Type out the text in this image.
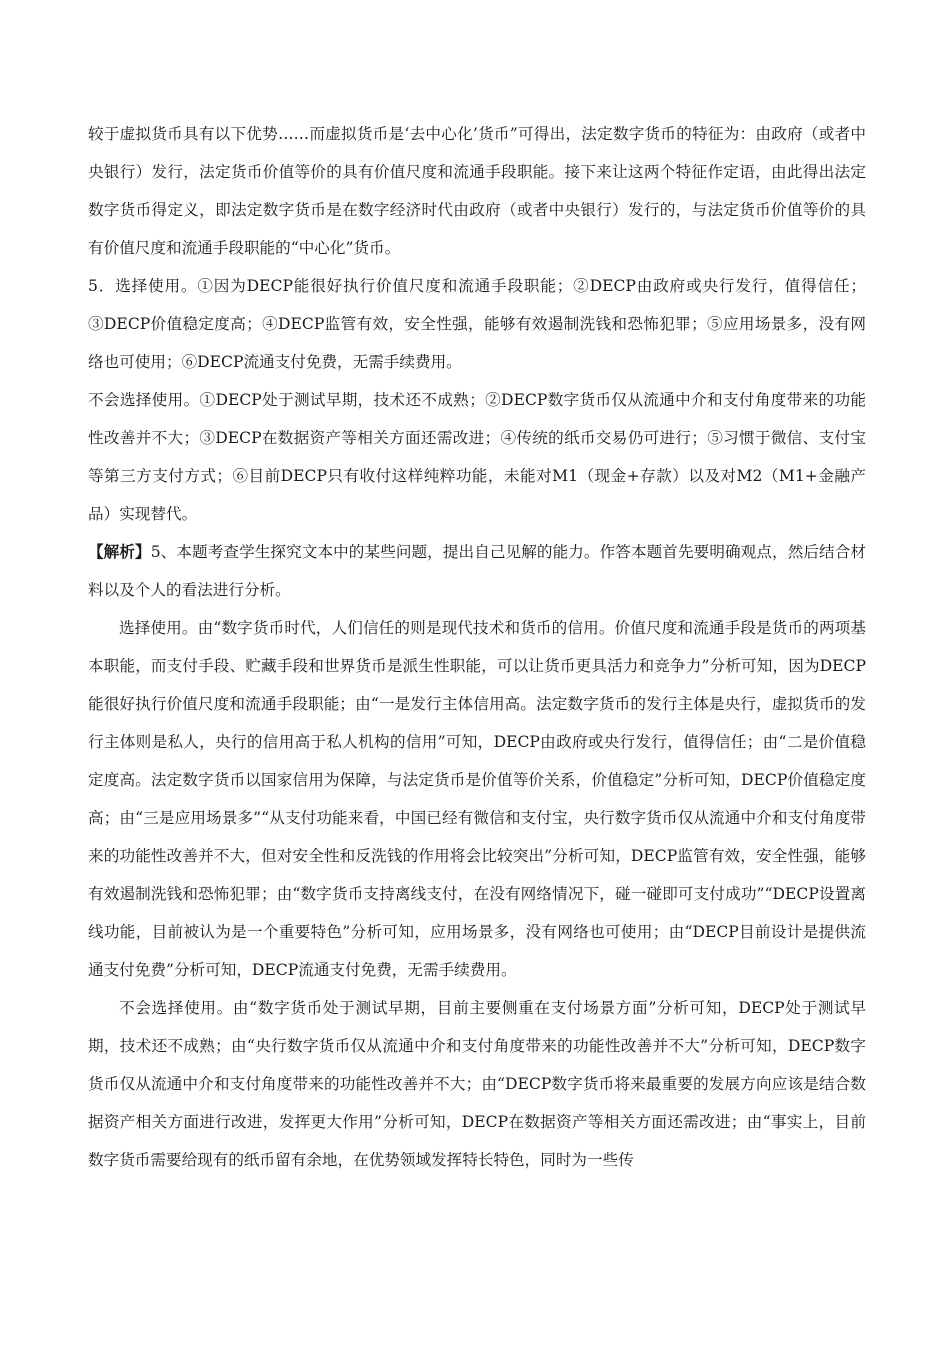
较于虚拟货币具有以下优势……而虚拟货币是‘去中心化’货币”可得出，法定数字货币的特征为：由政府（或者中央银行）发行，法定货币价值等价的具有价值尺度和流通手段职能。接下来让这两个特征作定语，由此得出法定数字货币得定义，即法定数字货币是在数字经济时代由政府（或者中央银行）发行的，与法定货币价值等价的具有价值尺度和流通手段职能的“中心化”货币。

5．选择使用。①因为DECP能很好执行价值尺度和流通手段职能；②DECP由政府或央行发行，值得信任；③DECP价值稳定度高；④DECP监管有效，安全性强，能够有效遏制洗钱和恐怖犯罪；⑤应用场景多，没有网络也可使用；⑥DECP流通支付免费，无需手续费用。

不会选择使用。①DECP处于测试早期，技术还不成熟；②DECP数字货币仅从流通中介和支付角度带来的功能性改善并不大；③DECP在数据资产等相关方面还需改进；④传统的纸币交易仍可进行；⑤习惯于微信、支付宝等第三方支付方式；⑥目前DECP只有收付这样纯粹功能，未能对M1（现金+存款）以及对M2（M1+金融产品）实现替代。

【解析】5、本题考查学生探究文本中的某些问题，提出自己见解的能力。作答本题首先要明确观点，然后结合材料以及个人的看法进行分析。

选择使用。由“数字货币时代，人们信任的则是现代技术和货币的信用。价值尺度和流通手段是货币的两项基本职能，而支付手段、贮藏手段和世界货币是派生性职能，可以让货币更具活力和竞争力”分析可知，因为DECP能很好执行价值尺度和流通手段职能；由“一是发行主体信用高。法定数字货币的发行主体是央行，虚拟货币的发行主体则是私人，央行的信用高于私人机构的信用”可知，DECP由政府或央行发行，值得信任；由“二是价值稳定度高。法定数字货币以国家信用为保障，与法定货币是价值等价关系，价值稳定”分析可知，DECP价值稳定度高；由“三是应用场景多”“从支付功能来看，中国已经有微信和支付宝，央行数字货币仅从流通中介和支付角度带来的功能性改善并不大，但对安全性和反洗钱的作用将会比较突出”分析可知，DECP监管有效，安全性强，能够有效遏制洗钱和恐怖犯罪；由“数字货币支持离线支付，在没有网络情况下，碰一碰即可支付成功”“DECP设置离线功能，目前被认为是一个重要特色”分析可知，应用场景多，没有网络也可使用；由“DECP目前设计是提供流通支付免费”分析可知，DECP流通支付免费，无需手续费用。

不会选择使用。由“数字货币处于测试早期，目前主要侧重在支付场景方面”分析可知，DECP处于测试早期，技术还不成熟；由“央行数字货币仅从流通中介和支付角度带来的功能性改善并不大”分析可知，DECP数字货币仅从流通中介和支付角度带来的功能性改善并不大；由“DECP数字货币将来最重要的发展方向应该是结合数据资产相关方面进行改进，发挥更大作用”分析可知，DECP在数据资产等相关方面还需改进；由“事实上，目前数字货币需要给现有的纸币留有余地，在优势领域发挥特长特色，同时为一些传
